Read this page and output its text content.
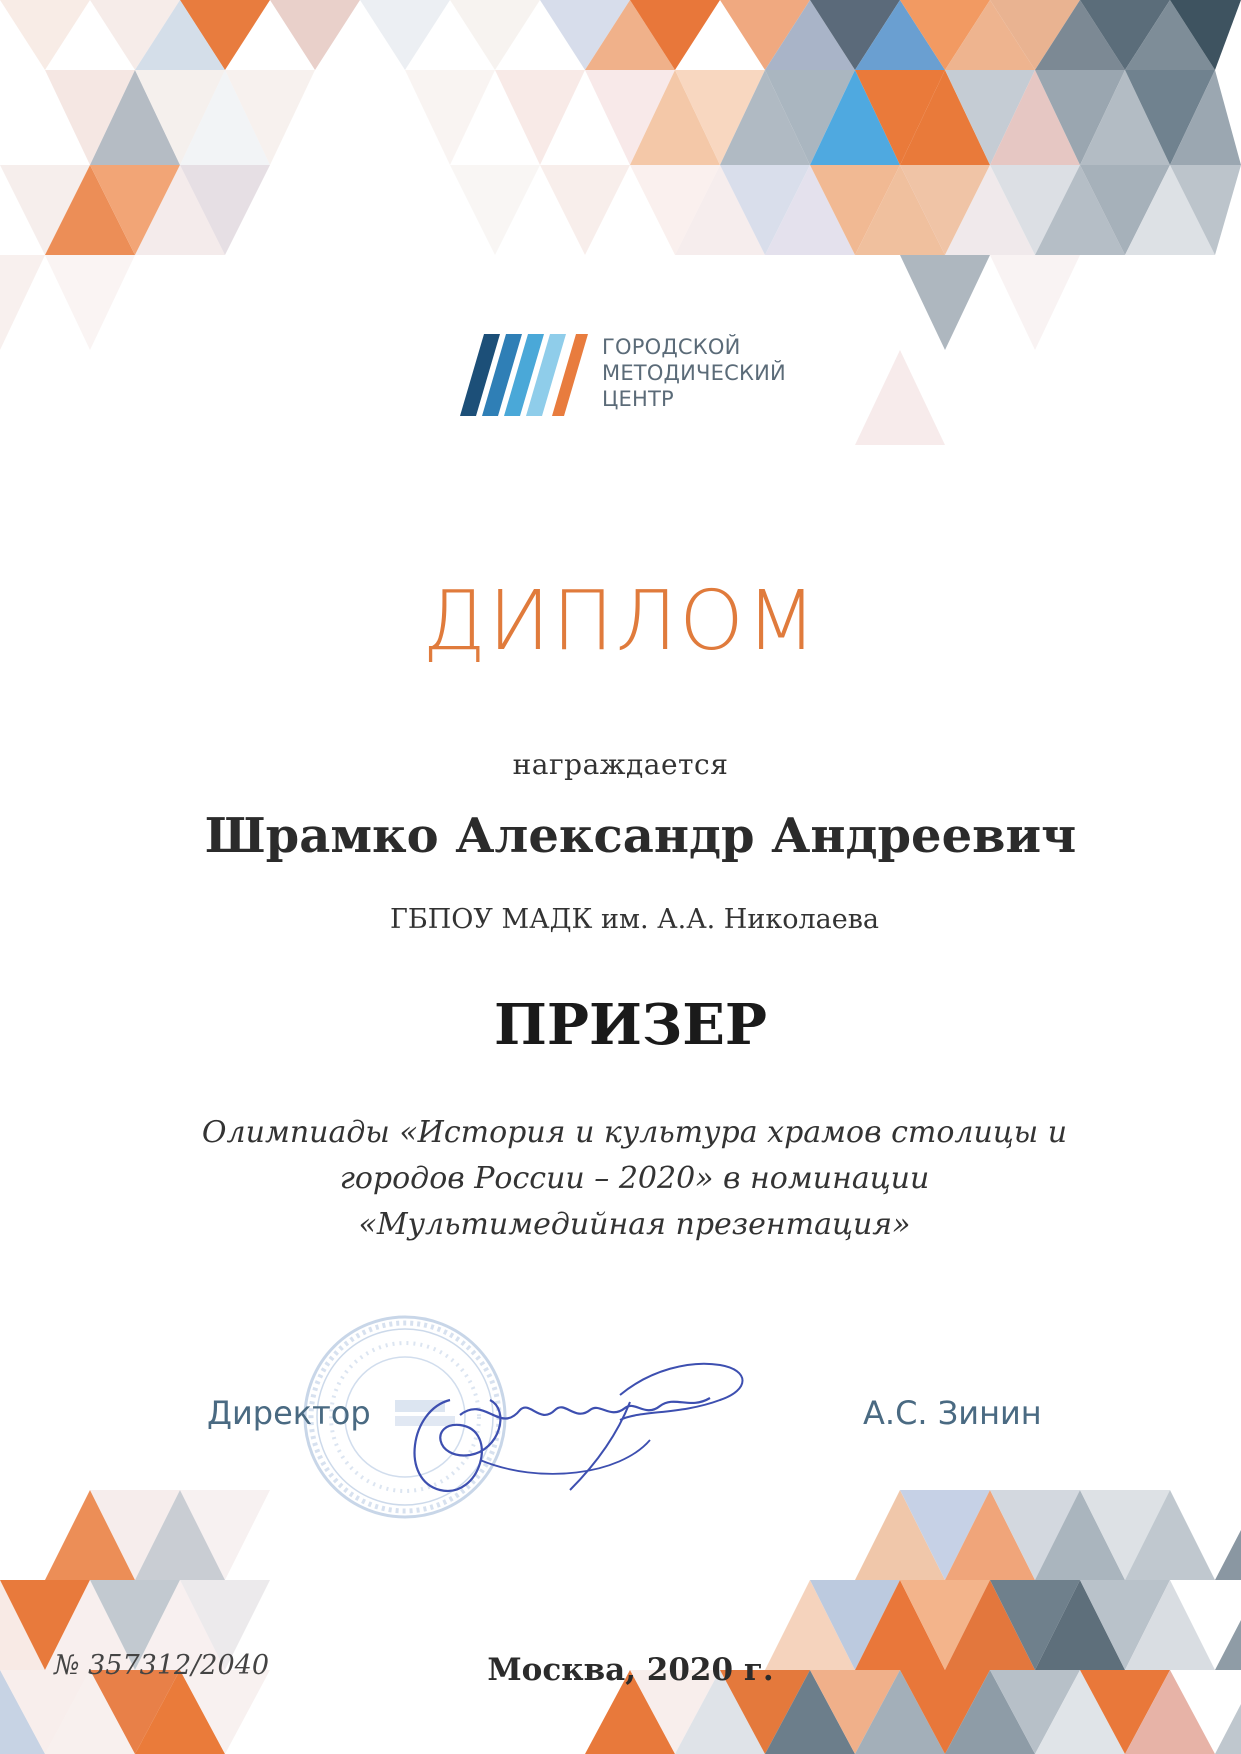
ГОРОДСКОЙ
МЕТОДИЧЕСКИЙ
ЦЕНТР
ДИПЛОМ
награждается
Шрамко Александр Андреевич
ГБПОУ МАДК им. А.А. Николаева
ПРИЗЕР
Олимпиады «История и культура храмов столицы и
городов России – 2020» в номинации
«Мультимедийная презентация»
Директор	А.С. Зинин
№ 357312/2040	Москва, 2020 г.
